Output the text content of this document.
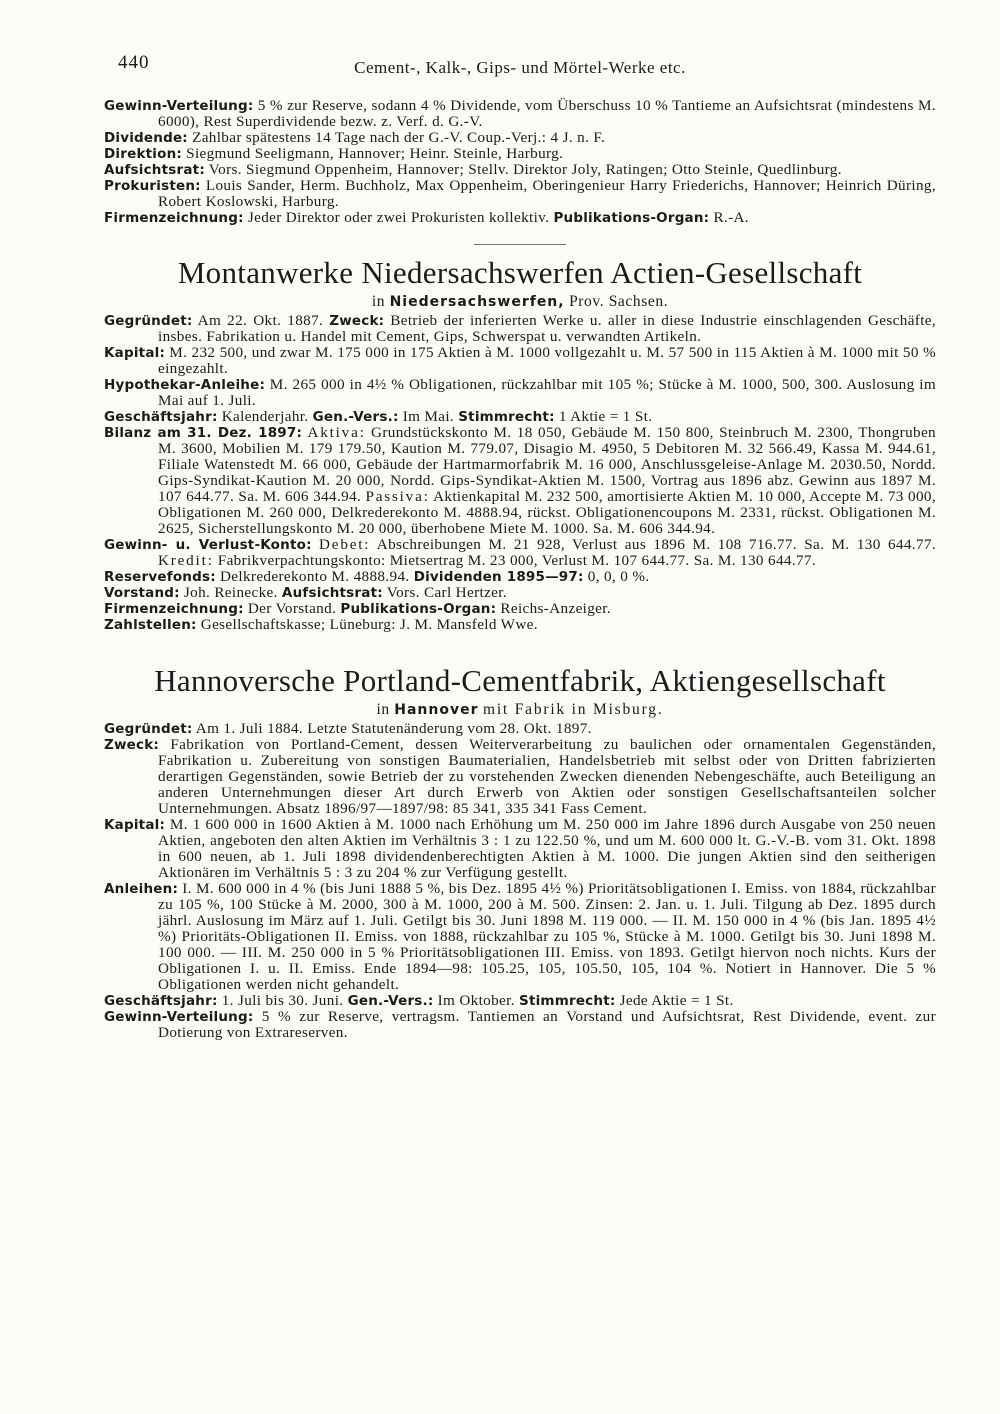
440	Cement-, Kalk-, Gips- und Mörtel-Werke etc.

Gewinn-Verteilung: 5 % zur Reserve, sodann 4 % Dividende, vom Überschuss 10 % Tantieme an Aufsichtsrat (mindestens M. 6000), Rest Superdividende bezw. z. Verf. d. G.-V.

Dividende: Zahlbar spätestens 14 Tage nach der G.-V. Coup.-Verj.: 4 J. n. F.

Direktion: Siegmund Seeligmann, Hannover; Heinr. Steinle, Harburg.

Aufsichtsrat: Vors. Siegmund Oppenheim, Hannover; Stellv. Direktor Joly, Ratingen; Otto Steinle, Quedlinburg.

Prokuristen: Louis Sander, Herm. Buchholz, Max Oppenheim, Oberingenieur Harry Friederichs, Hannover; Heinrich Düring, Robert Koslowski, Harburg.

Firmenzeichnung: Jeder Direktor oder zwei Prokuristen kollektiv. Publikations-Organ: R.-A.

Montanwerke Niedersachswerfen Actien-Gesellschaft
in Niedersachswerfen, Prov. Sachsen.

Gegründet: Am 22. Okt. 1887. Zweck: Betrieb der inferierten Werke u. aller in diese Industrie einschlagenden Geschäfte, insbes. Fabrikation u. Handel mit Cement, Gips, Schwerspat u. verwandten Artikeln.

Kapital: M. 232 500, und zwar M. 175 000 in 175 Aktien à M. 1000 vollgezahlt u. M. 57 500 in 115 Aktien à M. 1000 mit 50 % eingezahlt.

Hypothekar-Anleihe: M. 265 000 in 4½ % Obligationen, rückzahlbar mit 105 %; Stücke à M. 1000, 500, 300. Auslosung im Mai auf 1. Juli.

Geschäftsjahr: Kalenderjahr. Gen.-Vers.: Im Mai. Stimmrecht: 1 Aktie = 1 St.

Bilanz am 31. Dez. 1897: Aktiva: Grundstückskonto M. 18 050, Gebäude M. 150 800, Steinbruch M. 2300, Thongruben M. 3600, Mobilien M. 179 179.50, Kaution M. 779.07, Disagio M. 4950, 5 Debitoren M. 32 566.49, Kassa M. 944.61, Filiale Watenstedt M. 66 000, Gebäude der Hartmarmorfabrik M. 16 000, Anschlussgeleise-Anlage M. 2030.50, Nordd. Gips-Syndikat-Kaution M. 20 000, Nordd. Gips-Syndikat-Aktien M. 1500, Vortrag aus 1896 abz. Gewinn aus 1897 M. 107 644.77. Sa. M. 606 344.94. Passiva: Aktienkapital M. 232 500, amortisierte Aktien M. 10 000, Accepte M. 73 000, Obligationen M. 260 000, Delkrederekonto M. 4888.94, rückst. Obligationencoupons M. 2331, rückst. Obligationen M. 2625, Sicherstellungskonto M. 20 000, überhobene Miete M. 1000. Sa. M. 606 344.94.

Gewinn- u. Verlust-Konto: Debet: Abschreibungen M. 21 928, Verlust aus 1896 M. 108 716.77. Sa. M. 130 644.77. Kredit: Fabrikverpachtungskonto: Mietsertrag M. 23 000, Verlust M. 107 644.77. Sa. M. 130 644.77.

Reservefonds: Delkrederekonto M. 4888.94. Dividenden 1895—97: 0, 0, 0 %.

Vorstand: Joh. Reinecke. Aufsichtsrat: Vors. Carl Hertzer.

Firmenzeichnung: Der Vorstand. Publikations-Organ: Reichs-Anzeiger.

Zahlstellen: Gesellschaftskasse; Lüneburg: J. M. Mansfeld Wwe.

Hannoversche Portland-Cementfabrik, Aktiengesellschaft
in Hannover mit Fabrik in Misburg.

Gegründet: Am 1. Juli 1884. Letzte Statutenänderung vom 28. Okt. 1897.

Zweck: Fabrikation von Portland-Cement, dessen Weiterverarbeitung zu baulichen oder ornamentalen Gegenständen, Fabrikation u. Zubereitung von sonstigen Baumaterialien, Handelsbetrieb mit selbst oder von Dritten fabrizierten derartigen Gegenständen, sowie Betrieb der zu vorstehenden Zwecken dienenden Nebengeschäfte, auch Beteiligung an anderen Unternehmungen dieser Art durch Erwerb von Aktien oder sonstigen Gesellschaftsanteilen solcher Unternehmungen. Absatz 1896/97—1897/98: 85 341, 335 341 Fass Cement.

Kapital: M. 1 600 000 in 1600 Aktien à M. 1000 nach Erhöhung um M. 250 000 im Jahre 1896 durch Ausgabe von 250 neuen Aktien, angeboten den alten Aktien im Verhältnis 3 : 1 zu 122.50 %, und um M. 600 000 lt. G.-V.-B. vom 31. Okt. 1898 in 600 neuen, ab 1. Juli 1898 dividendenberechtigten Aktien à M. 1000. Die jungen Aktien sind den seitherigen Aktionären im Verhältnis 5 : 3 zu 204 % zur Verfügung gestellt.

Anleihen: I. M. 600 000 in 4 % (bis Juni 1888 5 %, bis Dez. 1895 4½ %) Prioritätsobligationen I. Emiss. von 1884, rückzahlbar zu 105 %, 100 Stücke à M. 2000, 300 à M. 1000, 200 à M. 500. Zinsen: 2. Jan. u. 1. Juli. Tilgung ab Dez. 1895 durch jährl. Auslosung im März auf 1. Juli. Getilgt bis 30. Juni 1898 M. 119 000. — II. M. 150 000 in 4 % (bis Jan. 1895 4½ %) Prioritäts-Obligationen II. Emiss. von 1888, rückzahlbar zu 105 %, Stücke à M. 1000. Getilgt bis 30. Juni 1898 M. 100 000. — III. M. 250 000 in 5 % Prioritätsobligationen III. Emiss. von 1893. Getilgt hiervon noch nichts. Kurs der Obligationen I. u. II. Emiss. Ende 1894—98: 105.25, 105, 105.50, 105, 104 %. Notiert in Hannover. Die 5 % Obligationen werden nicht gehandelt.

Geschäftsjahr: 1. Juli bis 30. Juni. Gen.-Vers.: Im Oktober. Stimmrecht: Jede Aktie = 1 St.

Gewinn-Verteilung: 5 % zur Reserve, vertragsm. Tantiemen an Vorstand und Aufsichtsrat, Rest Dividende, event. zur Dotierung von Extrareserven.
